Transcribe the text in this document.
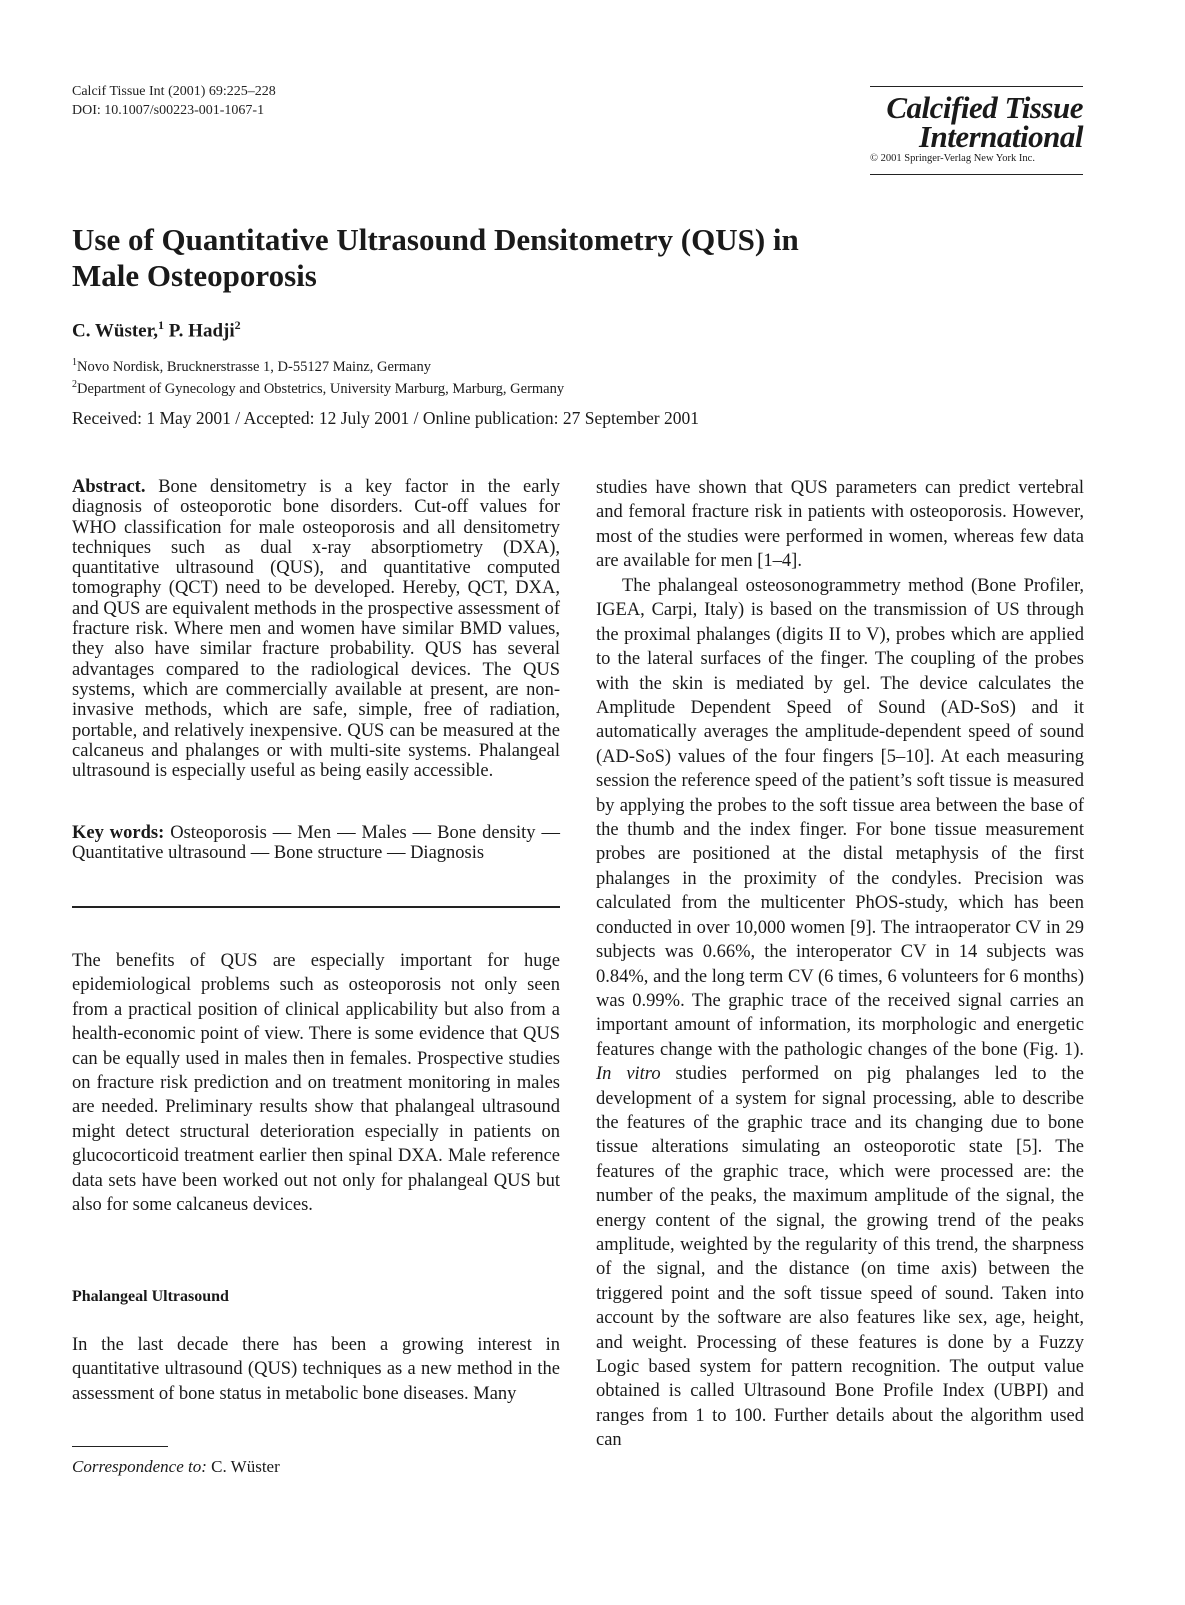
Calcif Tissue Int (2001) 69:225–228
DOI: 10.1007/s00223-001-1067-1	Calcified Tissue
International
© 2001 Springer-Verlag New York Inc.
Use of Quantitative Ultrasound Densitometry (QUS) in
Male Osteoporosis
C. Wüster,$^1$ P. Hadji$^2$
$^1$Novo Nordisk, Brucknerstrasse 1, D-55127 Mainz, Germany
$^2$Department of Gynecology and Obstetrics, University Marburg, Marburg, Germany
Received: 1 May 2001 / Accepted: 12 July 2001 / Online publication: 27 September 2001

Abstract. Bone densitometry is a key factor in the early diagnosis of osteoporotic bone disorders. Cut-off values for WHO classification for male osteoporosis and all densitometry techniques such as dual x-ray absorptiometry (DXA), quantitative ultrasound (QUS), and quantitative computed tomography (QCT) need to be developed. Hereby, QCT, DXA, and QUS are equivalent methods in the prospective assessment of fracture risk. Where men and women have similar BMD values, they also have similar fracture probability. QUS has several advantages compared to the radiological devices. The QUS systems, which are commercially available at present, are non-invasive methods, which are safe, simple, free of radiation, portable, and relatively inexpensive. QUS can be measured at the calcaneus and phalanges or with multi-site systems. Phalangeal ultrasound is especially useful as being easily accessible.

Key words: Osteoporosis — Men — Males — Bone density — Quantitative ultrasound — Bone structure — Diagnosis

The benefits of QUS are especially important for huge epidemiological problems such as osteoporosis not only seen from a practical position of clinical applicability but also from a health-economic point of view. There is some evidence that QUS can be equally used in males then in females. Prospective studies on fracture risk prediction and on treatment monitoring in males are needed. Preliminary results show that phalangeal ultrasound might detect structural deterioration especially in patients on glucocorticoid treatment earlier then spinal DXA. Male reference data sets have been worked out not only for phalangeal QUS but also for some calcaneus devices.

Phalangeal Ultrasound

In the last decade there has been a growing interest in quantitative ultrasound (QUS) techniques as a new method in the assessment of bone status in metabolic bone diseases. Many

Correspondence to: C. Wüster

studies have shown that QUS parameters can predict vertebral and femoral fracture risk in patients with osteoporosis. However, most of the studies were performed in women, whereas few data are available for men [1–4].

The phalangeal osteosonogrammetry method (Bone Profiler, IGEA, Carpi, Italy) is based on the transmission of US through the proximal phalanges (digits II to V), probes which are applied to the lateral surfaces of the finger. The coupling of the probes with the skin is mediated by gel. The device calculates the Amplitude Dependent Speed of Sound (AD-SoS) and it automatically averages the amplitude-dependent speed of sound (AD-SoS) values of the four fingers [5–10]. At each measuring session the reference speed of the patient’s soft tissue is measured by applying the probes to the soft tissue area between the base of the thumb and the index finger. For bone tissue measurement probes are positioned at the distal metaphysis of the first phalanges in the proximity of the condyles. Precision was calculated from the multicenter PhOS-study, which has been conducted in over 10,000 women [9]. The intraoperator CV in 29 subjects was 0.66%, the interoperator CV in 14 subjects was 0.84%, and the long term CV (6 times, 6 volunteers for 6 months) was 0.99%. The graphic trace of the received signal carries an important amount of information, its morphologic and energetic features change with the pathologic changes of the bone (Fig. 1). In vitro studies performed on pig phalanges led to the development of a system for signal processing, able to describe the features of the graphic trace and its changing due to bone tissue alterations simulating an osteoporotic state [5]. The features of the graphic trace, which were processed are: the number of the peaks, the maximum amplitude of the signal, the energy content of the signal, the growing trend of the peaks amplitude, weighted by the regularity of this trend, the sharpness of the signal, and the distance (on time axis) between the triggered point and the soft tissue speed of sound. Taken into account by the software are also features like sex, age, height, and weight. Processing of these features is done by a Fuzzy Logic based system for pattern recognition. The output value obtained is called Ultrasound Bone Profile Index (UBPI) and ranges from 1 to 100. Further details about the algorithm used can
